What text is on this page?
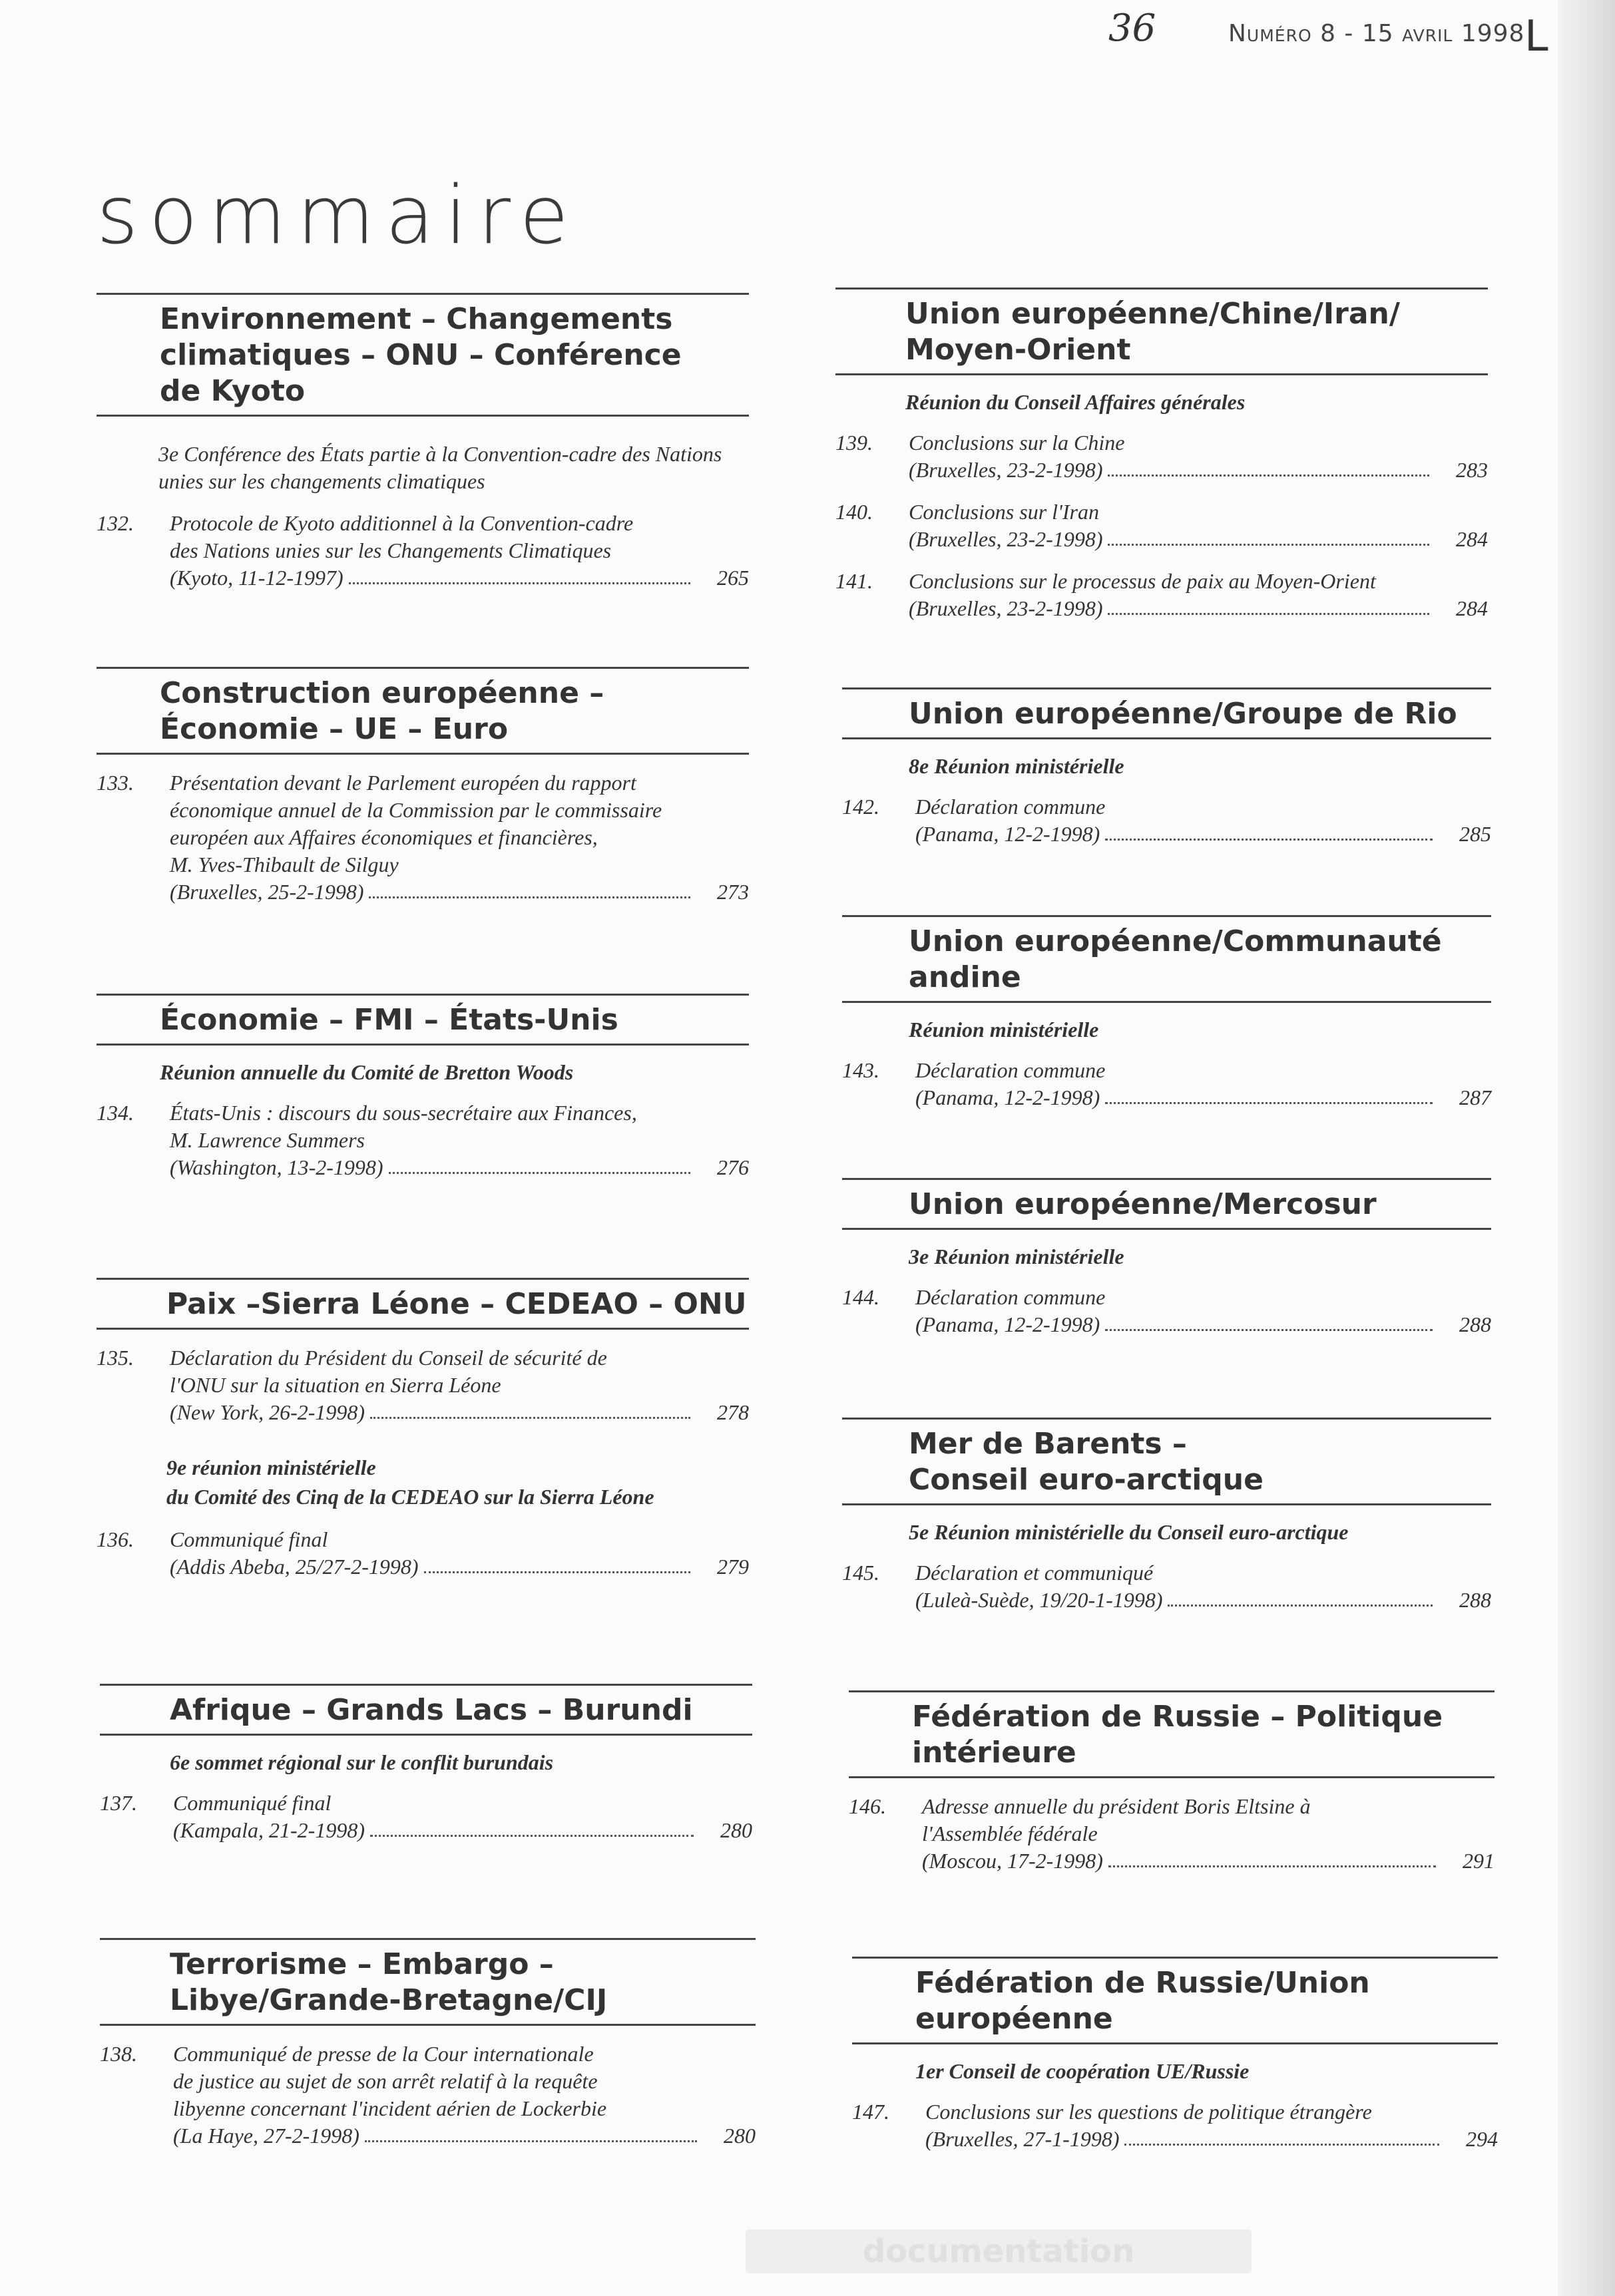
36	Numéro 8 - 15 avril 1998 L
sommaire
Environnement – Changements
climatiques – ONU – Conférence
de Kyoto
3e Conférence des États partie à la Convention-cadre des Nations unies sur les changements climatiques
132.	Protocole de Kyoto additionnel à la Convention-cadre
des Nations unies sur les Changements Climatiques
(Kyoto, 11-12-1997)	265
Construction européenne –
Économie – UE – Euro
133.	Présentation devant le Parlement européen du rapport
économique annuel de la Commission par le commissaire
européen aux Affaires économiques et financières,
M. Yves-Thibault de Silguy
(Bruxelles, 25-2-1998)	273
Économie – FMI – États-Unis
Réunion annuelle du Comité de Bretton Woods
134.	États-Unis : discours du sous-secrétaire aux Finances,
M. Lawrence Summers
(Washington, 13-2-1998)	276
Paix –Sierra Léone – CEDEAO – ONU
135.	Déclaration du Président du Conseil de sécurité de
l'ONU sur la situation en Sierra Léone
(New York, 26-2-1998)	278
9e réunion ministérielle
du Comité des Cinq de la CEDEAO sur la Sierra Léone
136.	Communiqué final
(Addis Abeba, 25/27-2-1998)	279
Afrique – Grands Lacs – Burundi
6e sommet régional sur le conflit burundais
137.	Communiqué final
(Kampala, 21-2-1998)	280
Terrorisme – Embargo –
Libye/Grande-Bretagne/CIJ
138.	Communiqué de presse de la Cour internationale
de justice au sujet de son arrêt relatif à la requête
libyenne concernant l'incident aérien de Lockerbie
(La Haye, 27-2-1998)	280
Union européenne/Chine/Iran/
Moyen-Orient
Réunion du Conseil Affaires générales
139.	Conclusions sur la Chine
(Bruxelles, 23-2-1998)	283
140.	Conclusions sur l'Iran
(Bruxelles, 23-2-1998)	284
141.	Conclusions sur le processus de paix au Moyen-Orient
(Bruxelles, 23-2-1998)	284
Union européenne/Groupe de Rio
8e Réunion ministérielle
142.	Déclaration commune
(Panama, 12-2-1998)	285
Union européenne/Communauté
andine
Réunion ministérielle
143.	Déclaration commune
(Panama, 12-2-1998)	287
Union européenne/Mercosur
3e Réunion ministérielle
144.	Déclaration commune
(Panama, 12-2-1998)	288
Mer de Barents –
Conseil euro-arctique
5e Réunion ministérielle du Conseil euro-arctique
145.	Déclaration et communiqué
(Luleà-Suède, 19/20-1-1998)	288
Fédération de Russie – Politique
intérieure
146.	Adresse annuelle du président Boris Eltsine à
l'Assemblée fédérale
(Moscou, 17-2-1998)	291
Fédération de Russie/Union
européenne
1er Conseil de coopération UE/Russie
147.	Conclusions sur les questions de politique étrangère
(Bruxelles, 27-1-1998)	294
documentation
